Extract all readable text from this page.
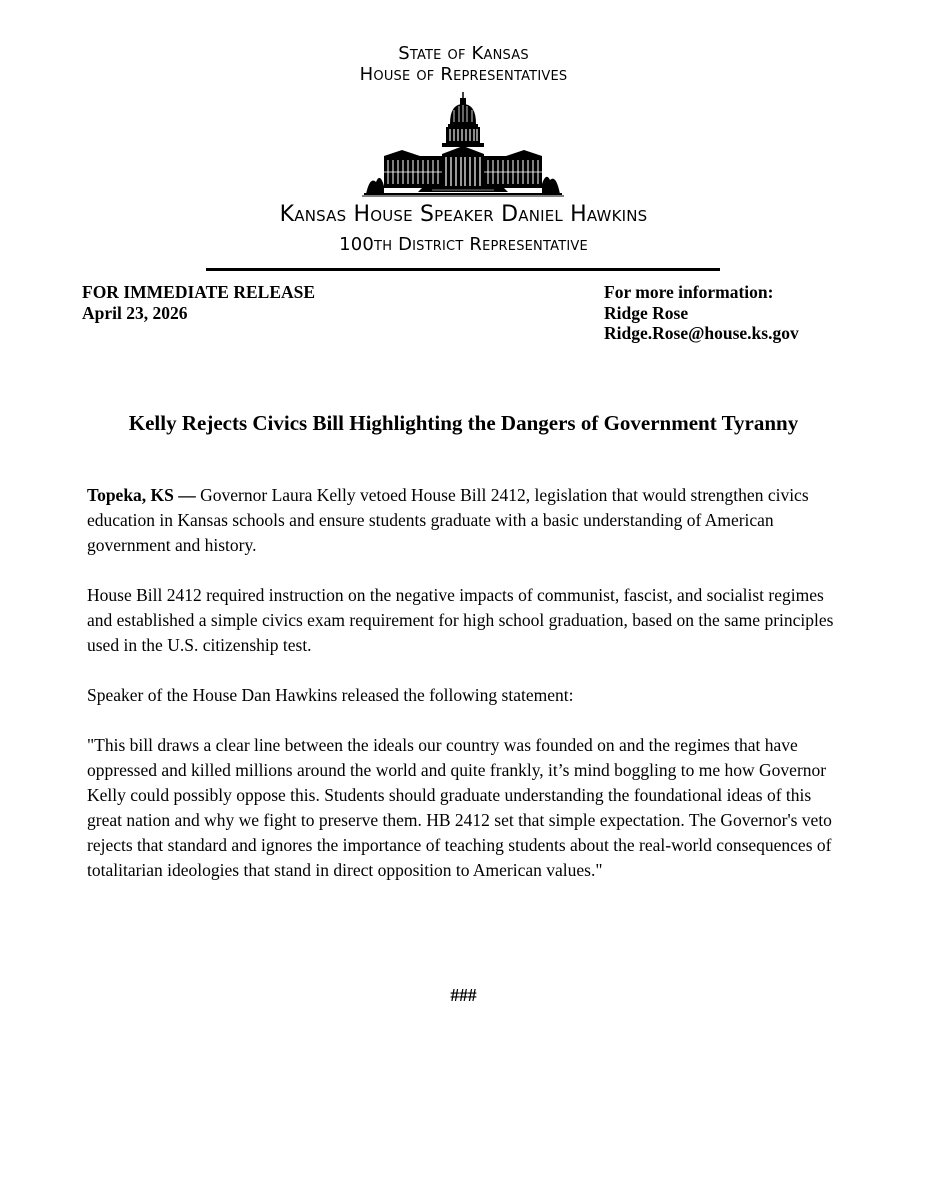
State of Kansas
House of Representatives
Kansas House Speaker Daniel Hawkins
100th District Representative
FOR IMMEDIATE RELEASE
April 23, 2026
For more information:
Ridge Rose
Ridge.Rose@house.ks.gov
Kelly Rejects Civics Bill Highlighting the Dangers of Government Tyranny

Topeka, KS — Governor Laura Kelly vetoed House Bill 2412, legislation that would strengthen civics education in Kansas schools and ensure students graduate with a basic understanding of American government and history.

House Bill 2412 required instruction on the negative impacts of communist, fascist, and socialist regimes and established a simple civics exam requirement for high school graduation, based on the same principles used in the U.S. citizenship test.

Speaker of the House Dan Hawkins released the following statement:

"This bill draws a clear line between the ideals our country was founded on and the regimes that have oppressed and killed millions around the world and quite frankly, it’s mind boggling to me how Governor Kelly could possibly oppose this. Students should graduate understanding the foundational ideas of this great nation and why we fight to preserve them. HB 2412 set that simple expectation. The Governor's veto rejects that standard and ignores the importance of teaching students about the real-world consequences of totalitarian ideologies that stand in direct opposition to American values."

###
